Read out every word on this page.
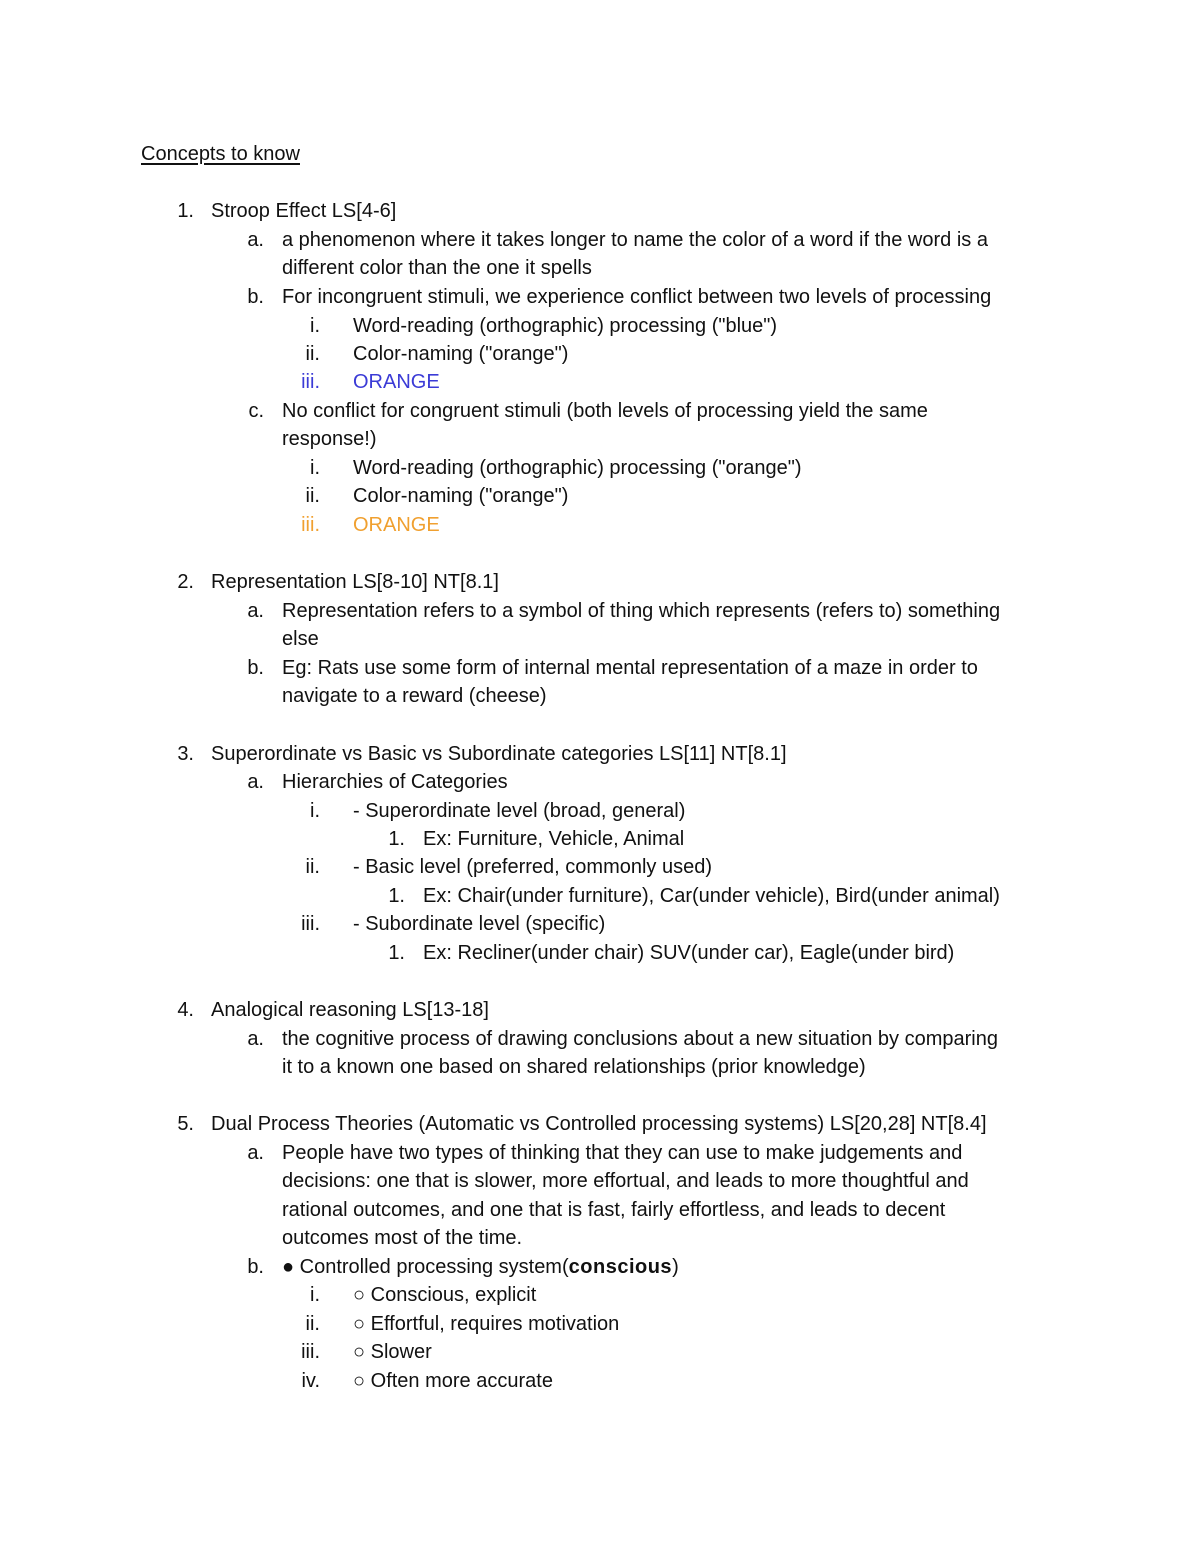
Concepts to know
1. Stroop Effect LS[4-6]
a. a phenomenon where it takes longer to name the color of a word if the word is a
different color than the one it spells
b. For incongruent stimuli, we experience conflict between two levels of processing
i. Word-reading (orthographic) processing ("blue")
ii. Color-naming ("orange")
iii. ORANGE
c. No conflict for congruent stimuli (both levels of processing yield the same
response!)
i. Word-reading (orthographic) processing ("orange")
ii. Color-naming ("orange")
iii. ORANGE
2. Representation LS[8-10] NT[8.1]
a. Representation refers to a symbol of thing which represents (refers to) something
else
b. Eg: Rats use some form of internal mental representation of a maze in order to
navigate to a reward (cheese)
3. Superordinate vs Basic vs Subordinate categories LS[11] NT[8.1]
a. Hierarchies of Categories
i. - Superordinate level (broad, general)
1. Ex: Furniture, Vehicle, Animal
ii. - Basic level (preferred, commonly used)
1. Ex: Chair(under furniture), Car(under vehicle), Bird(under animal)
iii. - Subordinate level (specific)
1. Ex: Recliner(under chair) SUV(under car), Eagle(under bird)
4. Analogical reasoning LS[13-18]
a. the cognitive process of drawing conclusions about a new situation by comparing
it to a known one based on shared relationships (prior knowledge)
5. Dual Process Theories (Automatic vs Controlled processing systems) LS[20,28] NT[8.4]
a. People have two types of thinking that they can use to make judgements and
decisions: one that is slower, more effortual, and leads to more thoughtful and
rational outcomes, and one that is fast, fairly effortless, and leads to decent
outcomes most of the time.
b. ● Controlled processing system(conscious)
i. ○ Conscious, explicit
ii. ○ Effortful, requires motivation
iii. ○ Slower
iv. ○ Often more accurate
